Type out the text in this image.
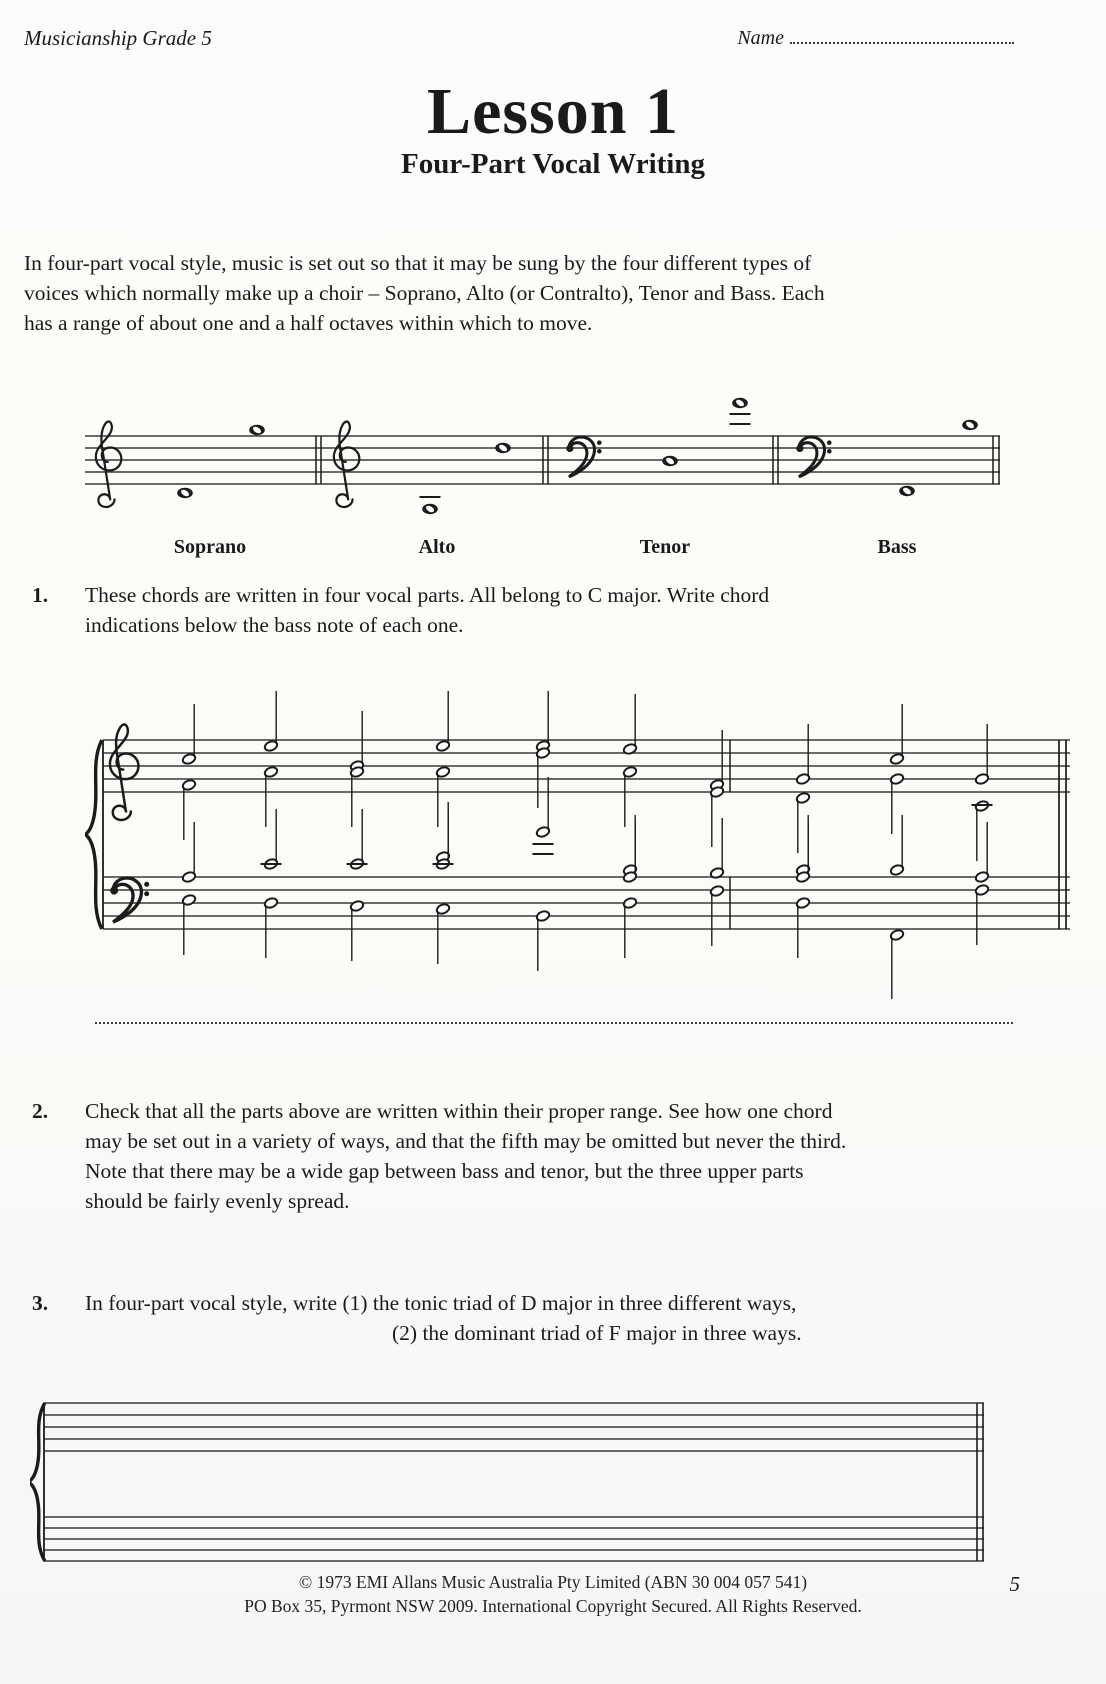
Musicianship Grade 5	Name
Lesson 1
Four-Part Vocal Writing
In four-part vocal style, music is set out so that it may be sung by the four different types of
voices which normally make up a choir – Soprano, Alto (or Contralto), Tenor and Bass. Each
has a range of about one and a half octaves within which to move.
Soprano	Alto	Tenor	Bass
1.	These chords are written in four vocal parts. All belong to C major. Write chord
indications below the bass note of each one.
2.	Check that all the parts above are written within their proper range. See how one chord
may be set out in a variety of ways, and that the fifth may be omitted but never the third.
Note that there may be a wide gap between bass and tenor, but the three upper parts
should be fairly evenly spread.
3.	In four-part vocal style, write (1) the tonic triad of D major in three different ways,
(2) the dominant triad of F major in three ways.
© 1973 EMI Allans Music Australia Pty Limited (ABN 30 004 057 541)
PO Box 35, Pyrmont NSW 2009. International Copyright Secured. All Rights Reserved.
5
